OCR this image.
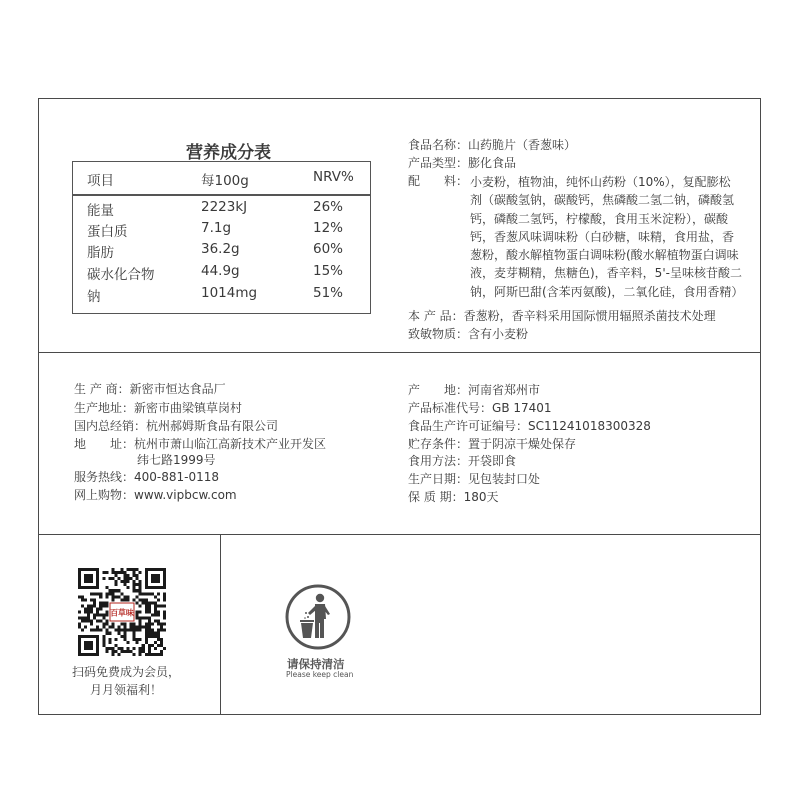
营养成分表
项目	每100g	NRV%
能量	2223kJ	26%
蛋白质	7.1g	12%
脂肪	36.2g	60%
碳水化合物	44.9g	15%
钠	1014mg	51%
食品名称：山药脆片（香葱味）
产品类型：膨化食品
配　　料： 小麦粉，植物油，纯怀山药粉（10%），复配膨松剂（碳酸氢钠，碳酸钙，焦磷酸二氢二钠，磷酸氢钙，磷酸二氢钙，柠檬酸，食用玉米淀粉），碳酸钙，香葱风味调味粉（白砂糖，味精，食用盐，香葱粉，酸水解植物蛋白调味粉(酸水解植物蛋白调味液，麦芽糊精，焦糖色)，香辛料，5'-呈味核苷酸二钠，阿斯巴甜(含苯丙氨酸)，二氧化硅，食用香精）
本 产 品：香葱粉，香辛料采用国际惯用辐照杀菌技术处理
致敏物质：含有小麦粉
生 产 商：新密市恒达食品厂
生产地址：新密市曲梁镇草岗村
国内总经销：杭州郝姆斯食品有限公司
地　　址：杭州市萧山临江高新技术产业开发区
纬七路1999号
服务热线：400-881-0118
网上购物：www.vipbcw.com
产　　地：河南省郑州市
产品标准代号：GB 17401
食品生产许可证编号：SC11241018300328
贮存条件：置于阴凉干燥处保存
食用方法：开袋即食
生产日期：见包装封口处
保 质 期：180天
百草味
扫码免费成为会员，
月月领福利！
请保持清洁
Please keep clean
